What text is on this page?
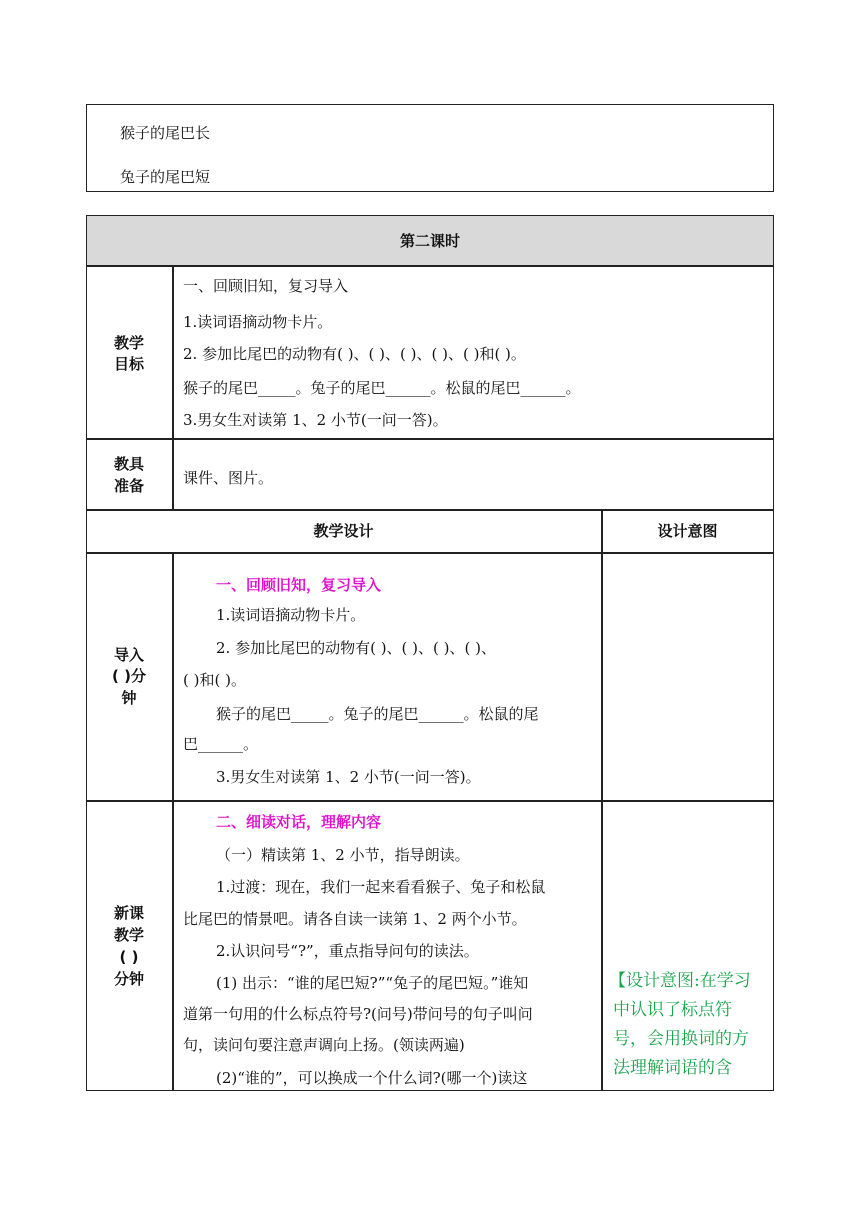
猴子的尾巴长
兔子的尾巴短
第二课时
教学
目标
一、回顾旧知，复习导入
1.读词语摘动物卡片。
2. 参加比尾巴的动物有( )、( )、( )、( )、( )和( )。
猴子的尾巴_____。兔子的尾巴______。松鼠的尾巴______。
3.男女生对读第 1、2 小节(一问一答)。
教具
准备	课件、图片。
教学设计	设计意图
导入
( )分
钟
一、回顾旧知，复习导入
1.读词语摘动物卡片。
2. 参加比尾巴的动物有( )、( )、( )、( )、
( )和( )。
猴子的尾巴_____。兔子的尾巴______。松鼠的尾
巴______。
3.男女生对读第 1、2 小节(一问一答)。
新课
教学
( )
分钟
二、细读对话，理解内容
（一）精读第 1、2 小节，指导朗读。
1.过渡：现在，我们一起来看看猴子、兔子和松鼠
比尾巴的情景吧。请各自读一读第 1、2 两个小节。
2.认识问号“?”，重点指导问句的读法。
(1) 出示：“谁的尾巴短?”“兔子的尾巴短。”谁知
道第一句用的什么标点符号?(问号)带问号的句子叫问
句，读问句要注意声调向上扬。(领读两遍)
(2)“谁的”，可以换成一个什么词?(哪一个)读这
【设计意图:在学习
中认识了标点符
号，会用换词的方
法理解词语的含
